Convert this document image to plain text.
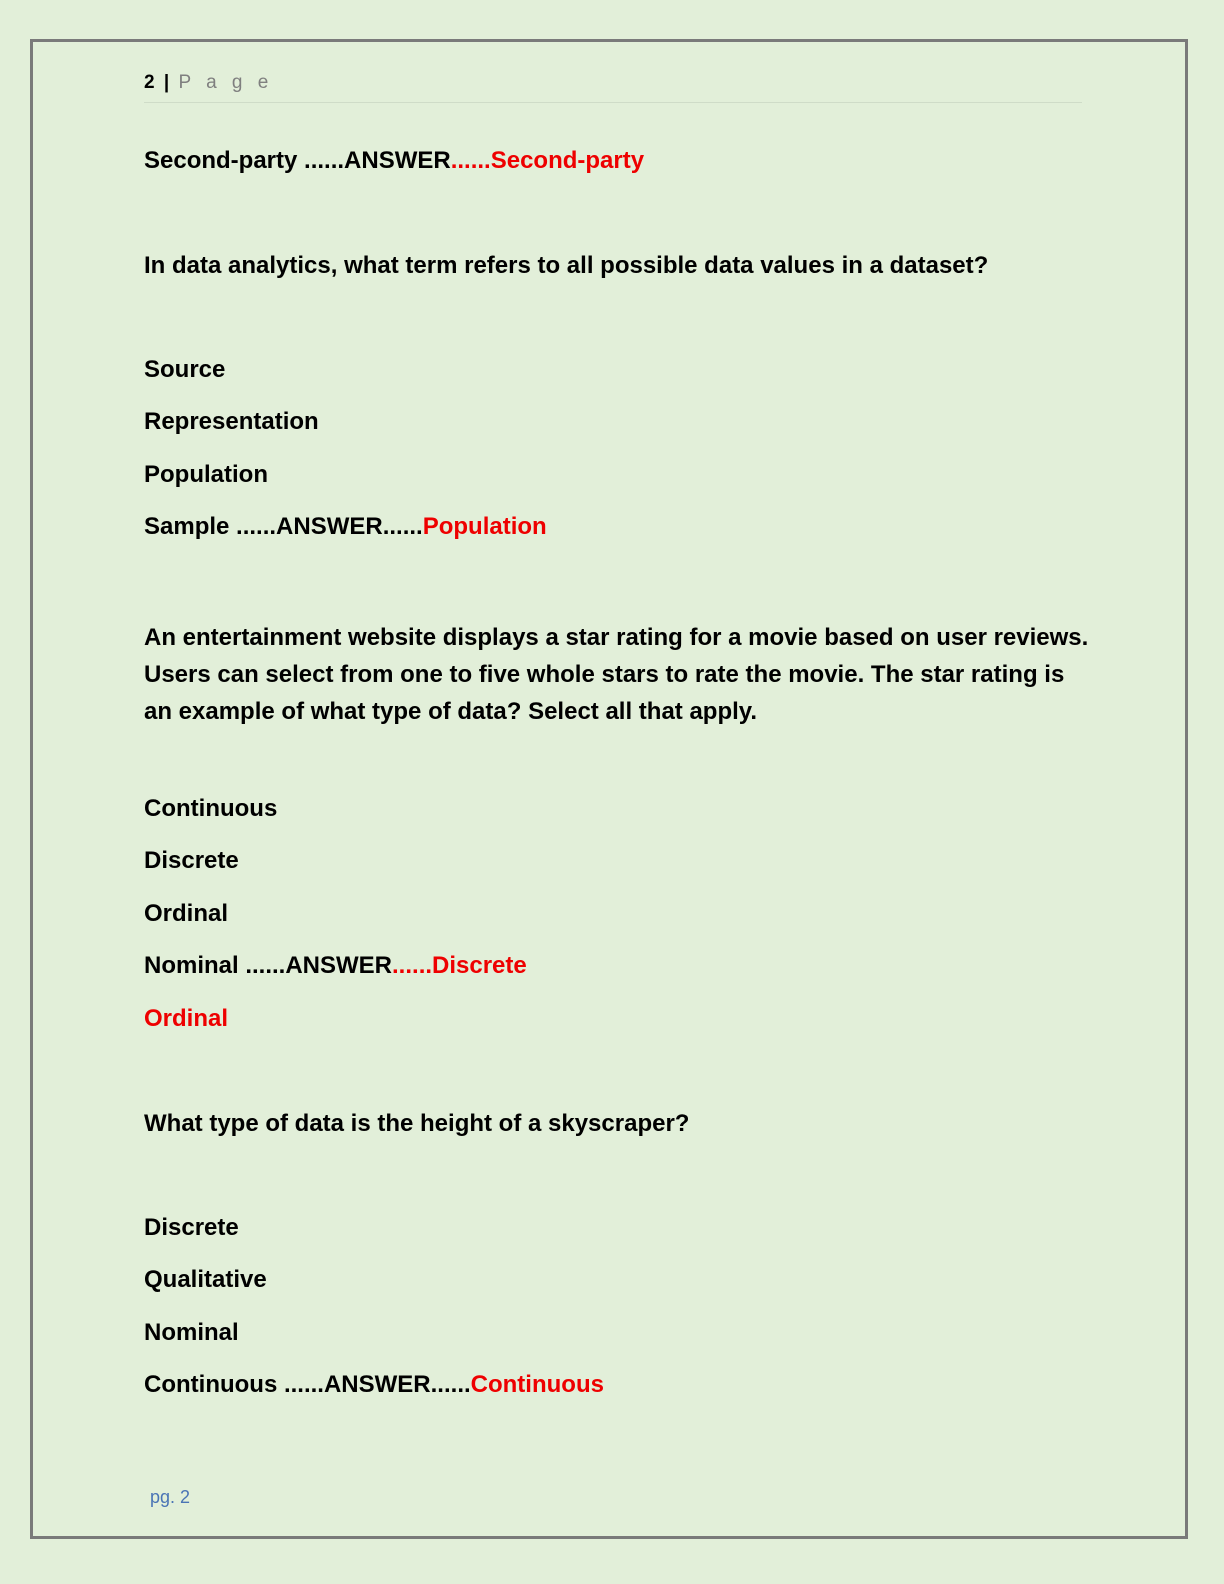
2 | P a g e
Second-party ......ANSWER......Second-party
In data analytics, what term refers to all possible data values in a dataset?
Source
Representation
Population
Sample ......ANSWER......Population
An entertainment website displays a star rating for a movie based on user reviews. Users can select from one to five whole stars to rate the movie. The star rating is an example of what type of data? Select all that apply.
Continuous
Discrete
Ordinal
Nominal ......ANSWER......Discrete
Ordinal
What type of data is the height of a skyscraper?
Discrete
Qualitative
Nominal
Continuous ......ANSWER......Continuous
pg. 2
